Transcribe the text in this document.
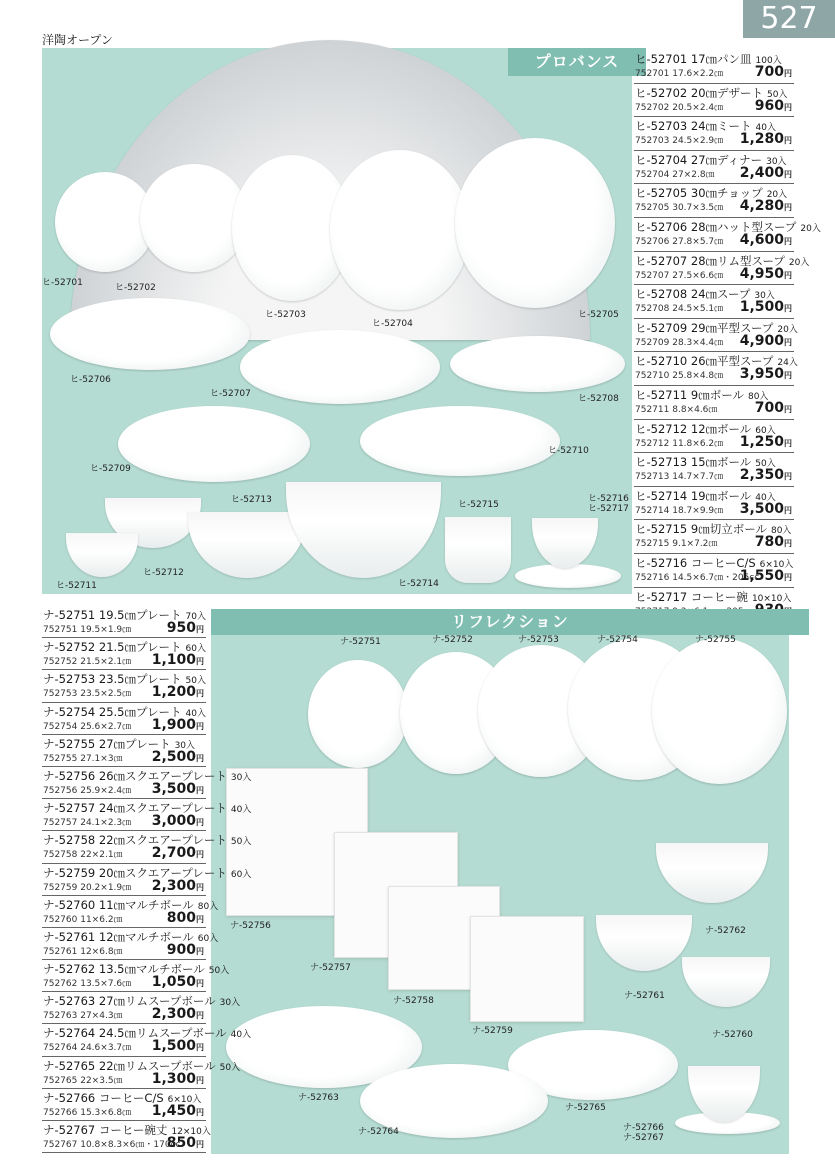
洋陶オープン
527
プロバンス
ヒ-52701	ヒ-52702
ヒ-52703
ヒ-52704
ヒ-52705
ヒ-52706
ヒ-52707	ヒ-52708
ヒ-52709
ヒ-52710
ヒ-52711
ヒ-52712
ヒ-52713
ヒ-52714
ヒ-52715
ヒ-52716
ヒ-52717
ヒ-52701 17㎝パン皿 100入
752701 17.6×2.2㎝ 700円
ヒ-52702 20㎝デザート 50入
752702 20.5×2.4㎝ 960円
ヒ-52703 24㎝ミート 40入
752703 24.5×2.9㎝ 1,280円
ヒ-52704 27㎝ディナー 30入
752704 27×2.8㎝ 2,400円
ヒ-52705 30㎝チョップ 20入
752705 30.7×3.5㎝ 4,280円
ヒ-52706 28㎝ハット型スープ 20入
752706 27.8×5.7㎝ 4,600円
ヒ-52707 28㎝リム型スープ 20入
752707 27.5×6.6㎝ 4,950円
ヒ-52708 24㎝スープ 30入
752708 24.5×5.1㎝ 1,500円
ヒ-52709 29㎝平型スープ 20入
752709 28.3×4.4㎝ 4,900円
ヒ-52710 26㎝平型スープ 24入
752710 25.8×4.8㎝ 3,950円
ヒ-52711 9㎝ボール 80入
752711 8.8×4.6㎝	700円
ヒ-52712 12㎝ボール 60入
752712 11.8×6.2㎝ 1,250円
ヒ-52713 15㎝ボール 50入
752713 14.7×7.7㎝ 2,350円
ヒ-52714 19㎝ボール 40入
752714 18.7×9.9㎝ 3,500円
ヒ-52715 9㎝切立ボール 80入
752715 9.1×7.2㎝	780円
ヒ-52716 コーヒーC/S 6×10入
752716 14.5×6.7㎝・205cc
1,550円
ヒ-52717 コーヒー碗 10×10入
リフレクション
ナ-52751	ナ-52752	ナ-52753	ナ-52754	ナ-52755
ナ-52756
ナ-52757
ナ-52758
ナ-52759	ナ-52760
ナ-52761
ナ-52762
ナ-52763
ナ-52764
ナ-52765
ナ-52766
ナ-52767
ナ-52751 19.5㎝プレート 70入
752751 19.5×1.9㎝	950円
ナ-52752 21.5㎝プレート 60入
752752 21.5×2.1㎝ 1,100円
ナ-52753 23.5㎝プレート 50入
752753 23.5×2.5㎝ 1,200円
ナ-52754 25.5㎝プレート 40入
752754 25.6×2.7㎝ 1,900円
ナ-52755 27㎝プレート 30入
752755 27.1×3㎝ 2,500円
ナ-52756 26㎝スクエアープレート 30入
752756 25.9×2.4㎝ 3,500円
ナ-52757 24㎝スクエアープレート 40入
752757 24.1×2.3㎝ 3,000円
ナ-52758 22㎝スクエアープレート 50入
752758 22×2.1㎝ 2,700円
ナ-52759 20㎝スクエアープレート 60入
752759 20.2×1.9㎝ 2,300円
ナ-52760 11㎝マルチボール 80入
752760 11×6.2㎝	800円
ナ-52761 12㎝マルチボール 60入
752761 12×6.8㎝	900円
ナ-52762 13.5㎝マルチボール 50入
752762 13.5×7.6㎝ 1,050円
ナ-52763 27㎝リムスープボール 30入
752763 27×4.3㎝ 2,300円
ナ-52764 24.5㎝リムスープボール 40入
752764 24.6×3.7㎝ 1,500円
ナ-52765 22㎝リムスープボール 50入
752765 22×3.5㎝ 1,300円
ナ-52766 コーヒーC/S 6×10入
752766 15.3×6.8㎝ 1,450円
ナ-52767 コーヒー碗丈 12×10入
752767 10.8×8.3×6㎝・170cc
850円
